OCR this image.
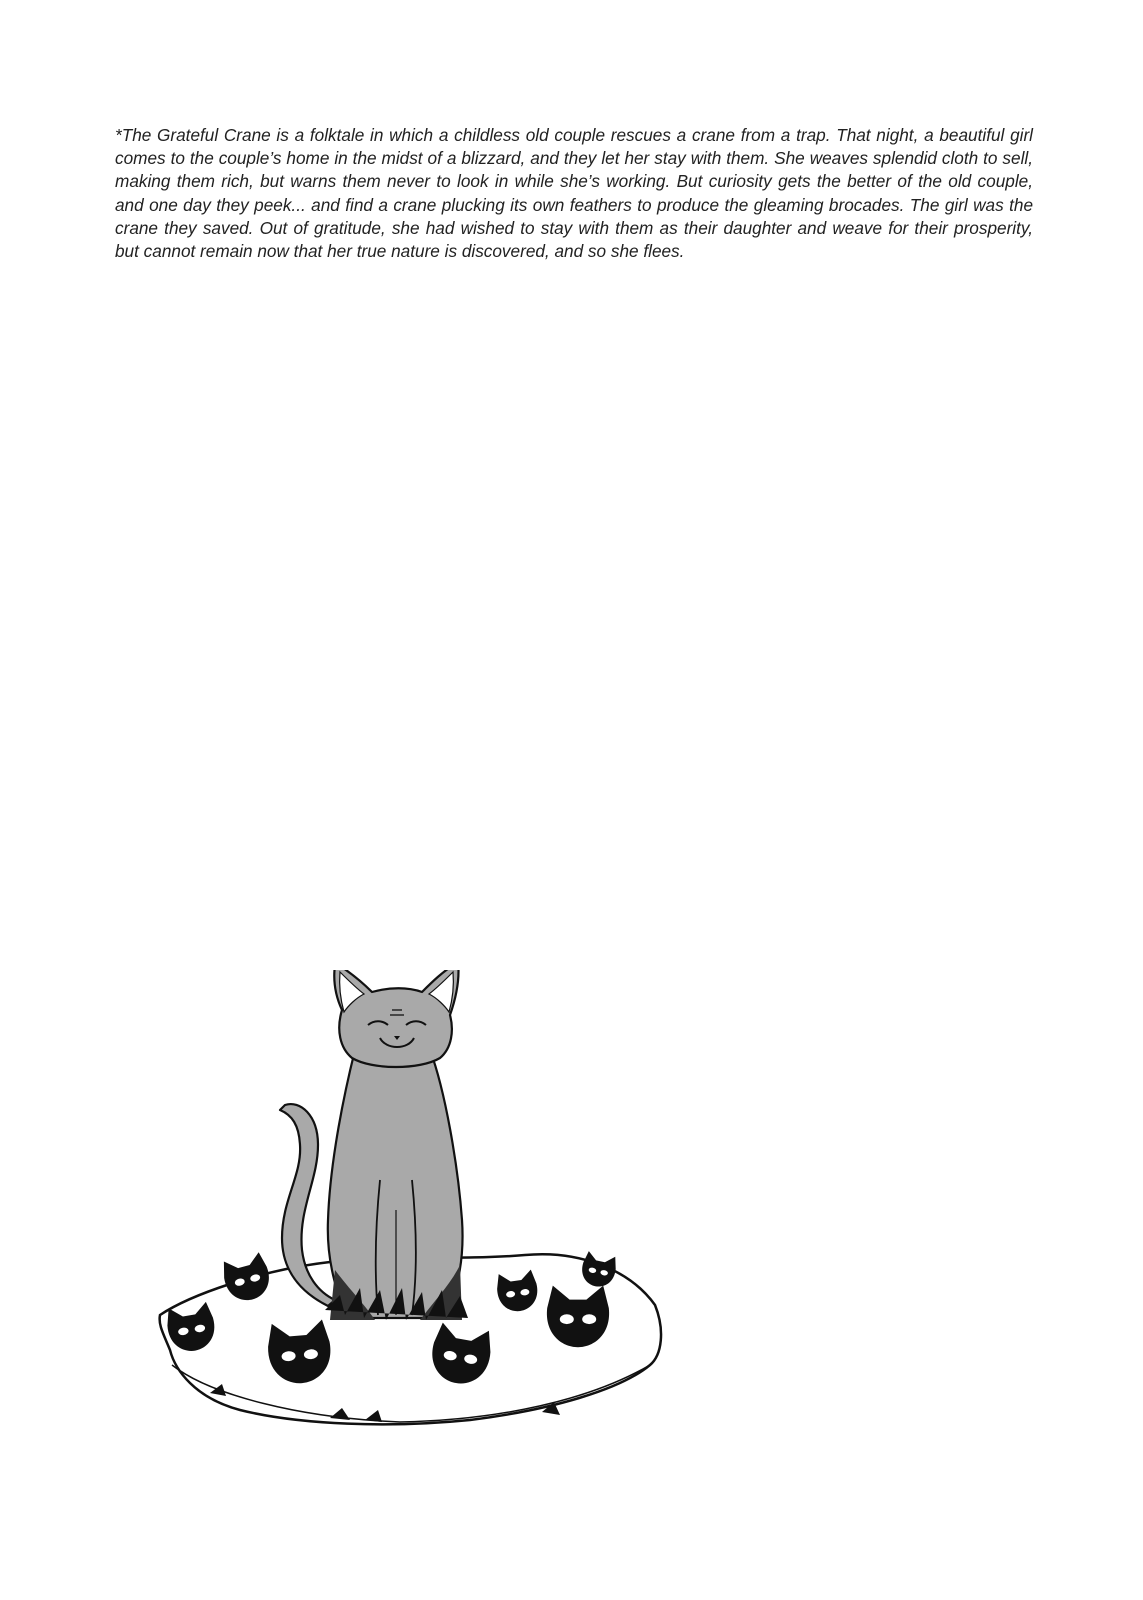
*The Grateful Crane is a folktale in which a childless old couple rescues a crane from a trap. That night, a beautiful girl comes to the couple’s home in the midst of a blizzard, and they let her stay with them. She weaves splendid cloth to sell, making them rich, but warns them never to look in while she’s working. But curiosity gets the better of the old couple, and one day they peek... and find a crane plucking its own feathers to produce the gleaming brocades. The girl was the crane they saved. Out of gratitude, she had wished to stay with them as their daughter and weave for their prosperity, but cannot remain now that her true nature is discovered, and so she flees.
